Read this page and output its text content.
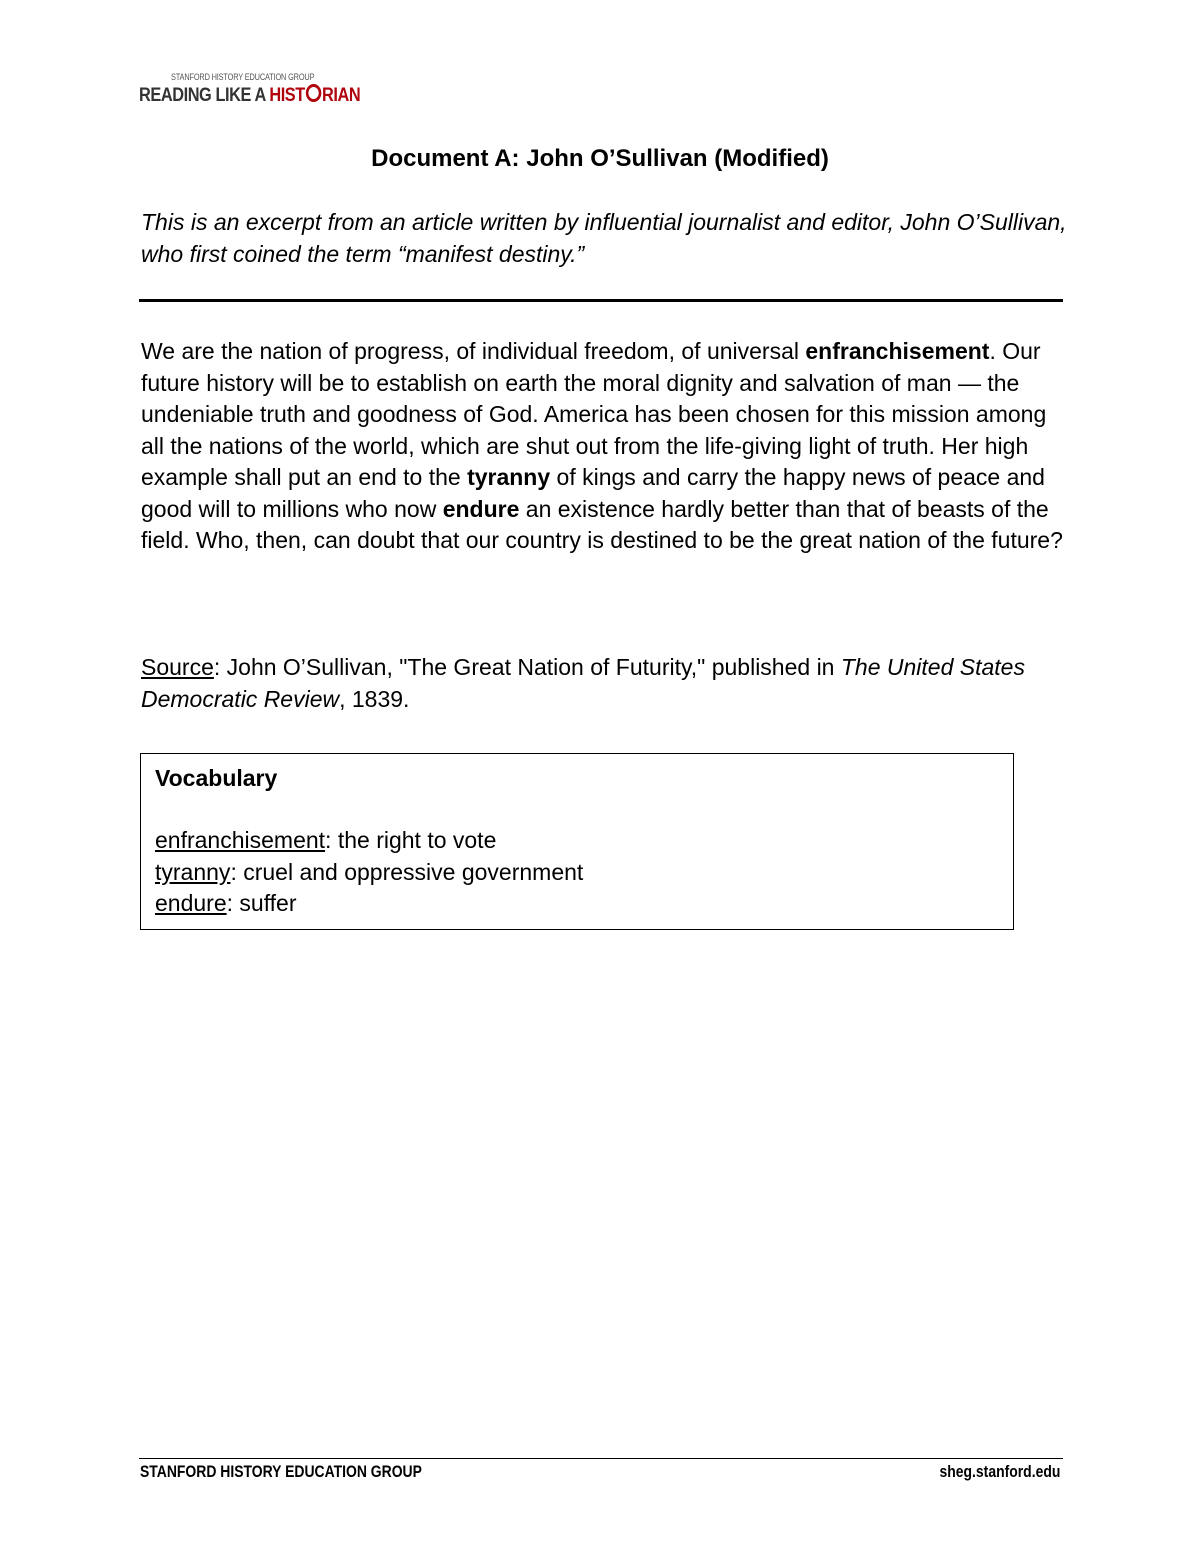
STANFORD HISTORY EDUCATION GROUP
READING LIKE A HIST RIAN
Document A: John O’Sullivan (Modified)

This is an excerpt from an article written by influential journalist and editor, John O’Sullivan, who first coined the term “manifest destiny.”

We are the nation of progress, of individual freedom, of universal enfranchisement. Our future history will be to establish on earth the moral dignity and salvation of man — the undeniable truth and goodness of God. America has been chosen for this mission among all the nations of the world, which are shut out from the life-giving light of truth. Her high example shall put an end to the tyranny of kings and carry the happy news of peace and good will to millions who now endure an existence hardly better than that of beasts of the field. Who, then, can doubt that our country is destined to be the great nation of the future?

Source: John O’Sullivan, "The Great Nation of Futurity," published in The United States Democratic Review, 1839.

Vocabulary

enfranchisement: the right to vote

tyranny: cruel and oppressive government

endure: suffer

STANFORD HISTORY EDUCATION GROUP	sheg.stanford.edu
